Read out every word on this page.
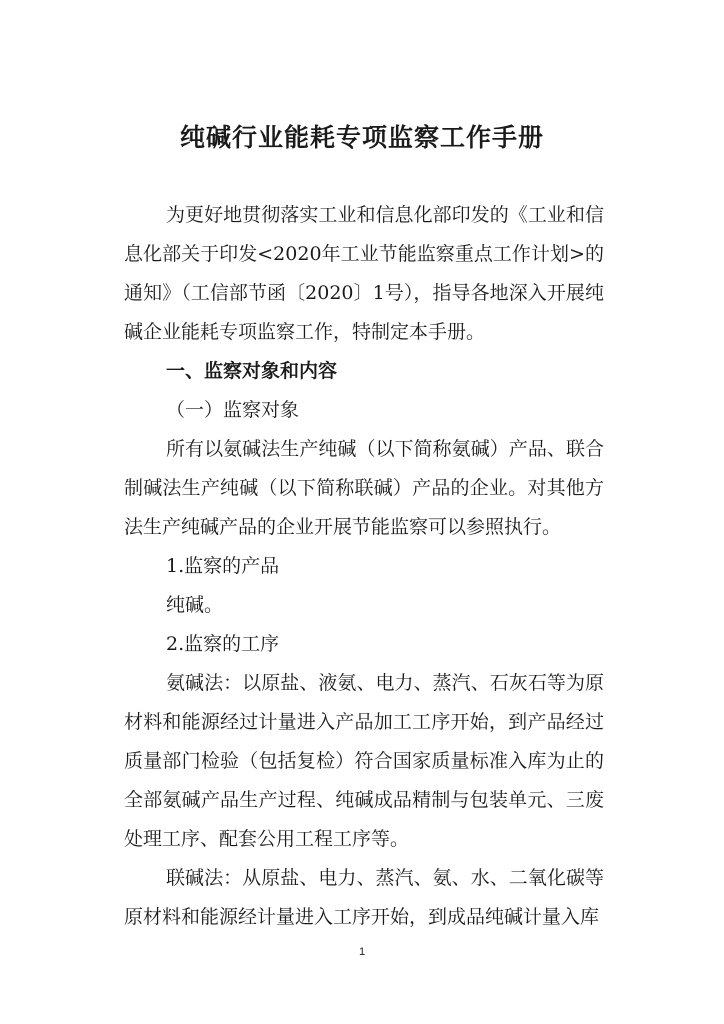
纯碱行业能耗专项监察工作手册

为更好地贯彻落实工业和信息化部印发的《工业和信息化部关于印发<2020年工业节能监察重点工作计划>的通知》（工信部节函〔2020〕1号），指导各地深入开展纯碱企业能耗专项监察工作，特制定本手册。

一、监察对象和内容

（一）监察对象

所有以氨碱法生产纯碱（以下简称氨碱）产品、联合制碱法生产纯碱（以下简称联碱）产品的企业。对其他方法生产纯碱产品的企业开展节能监察可以参照执行。

1.监察的产品

纯碱。

2.监察的工序

氨碱法：以原盐、液氨、电力、蒸汽、石灰石等为原材料和能源经过计量进入产品加工工序开始，到产品经过质量部门检验（包括复检）符合国家质量标准入库为止的全部氨碱产品生产过程、纯碱成品精制与包装单元、三废处理工序、配套公用工程工序等。

联碱法：从原盐、电力、蒸汽、氨、水、二氧化碳等原材料和能源经计量进入工序开始，到成品纯碱计量入库

1
